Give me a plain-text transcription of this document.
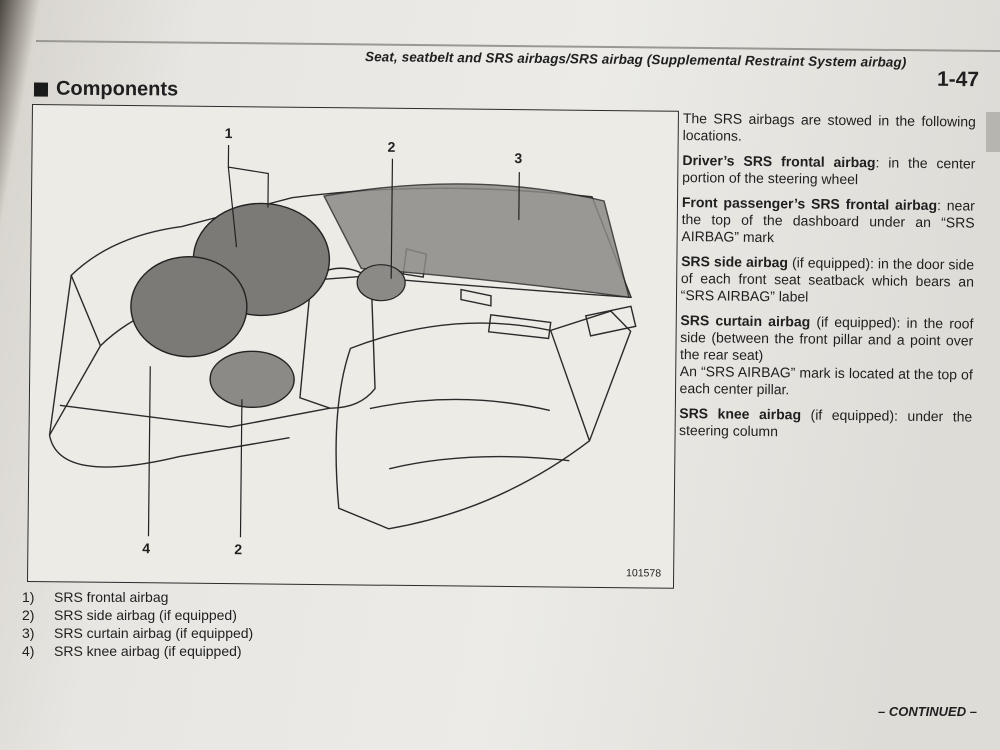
Seat, seatbelt and SRS airbags/SRS airbag (Supplemental Restraint System airbag)
1-47
Components
1
2
3
4	2
101578
1)	SRS frontal airbag
2)	SRS side airbag (if equipped)
3)	SRS curtain airbag (if equipped)
4)	SRS knee airbag (if equipped)

The SRS airbags are stowed in the following locations.

Driver’s SRS frontal airbag: in the center portion of the steering wheel

Front passenger’s SRS frontal airbag: near the top of the dashboard under an “SRS AIRBAG” mark

SRS side airbag (if equipped): in the door side of each front seat seatback which bears an “SRS AIRBAG” label

SRS curtain airbag (if equipped): in the roof side (between the front pillar and a point over the rear seat)

An “SRS AIRBAG” mark is located at the top of each center pillar.

SRS knee airbag (if equipped): under the steering column

– CONTINUED –
